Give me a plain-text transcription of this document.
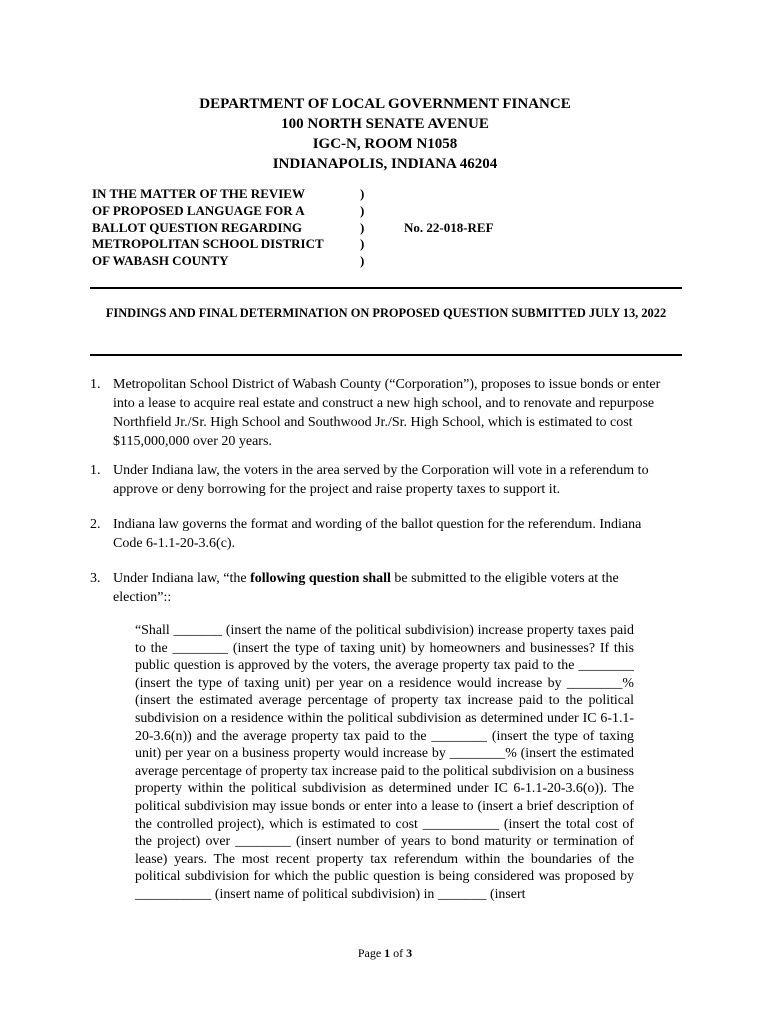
DEPARTMENT OF LOCAL GOVERNMENT FINANCE
100 NORTH SENATE AVENUE
IGC-N, ROOM N1058
INDIANAPOLIS, INDIANA 46204
IN THE MATTER OF THE REVIEW
OF PROPOSED LANGUAGE FOR A
BALLOT QUESTION REGARDING
METROPOLITAN SCHOOL DISTRICT
OF WABASH COUNTY
)
)
)
)
)
No. 22-018-REF
FINDINGS AND FINAL DETERMINATION ON PROPOSED QUESTION SUBMITTED JULY 13, 2022
1. Metropolitan School District of Wabash County (“Corporation”), proposes to issue bonds or enter into a lease to acquire real estate and construct a new high school, and to renovate and repurpose Northfield Jr./Sr. High School and Southwood Jr./Sr. High School, which is estimated to cost $115,000,000 over 20 years.
1. Under Indiana law, the voters in the area served by the Corporation will vote in a referendum to approve or deny borrowing for the project and raise property taxes to support it.
2. Indiana law governs the format and wording of the ballot question for the referendum. Indiana Code 6-1.1-20-3.6(c).
3. Under Indiana law, “the following question shall be submitted to the eligible voters at the election”::
“Shall _______ (insert the name of the political subdivision) increase property taxes paid to the ________ (insert the type of taxing unit) by homeowners and businesses? If this public question is approved by the voters, the average property tax paid to the ________ (insert the type of taxing unit) per year on a residence would increase by ________% (insert the estimated average percentage of property tax increase paid to the political subdivision on a residence within the political subdivision as determined under IC 6-1.1-20-3.6(n)) and the average property tax paid to the ________ (insert the type of taxing unit) per year on a business property would increase by ________% (insert the estimated average percentage of property tax increase paid to the political subdivision on a business property within the political subdivision as determined under IC 6-1.1-20-3.6(o)). The political subdivision may issue bonds or enter into a lease to (insert a brief description of the controlled project), which is estimated to cost ___________ (insert the total cost of the project) over ________ (insert number of years to bond maturity or termination of lease) years. The most recent property tax referendum within the boundaries of the political subdivision for which the public question is being considered was proposed by ___________ (insert name of political subdivision) in _______ (insert
Page 1 of 3
